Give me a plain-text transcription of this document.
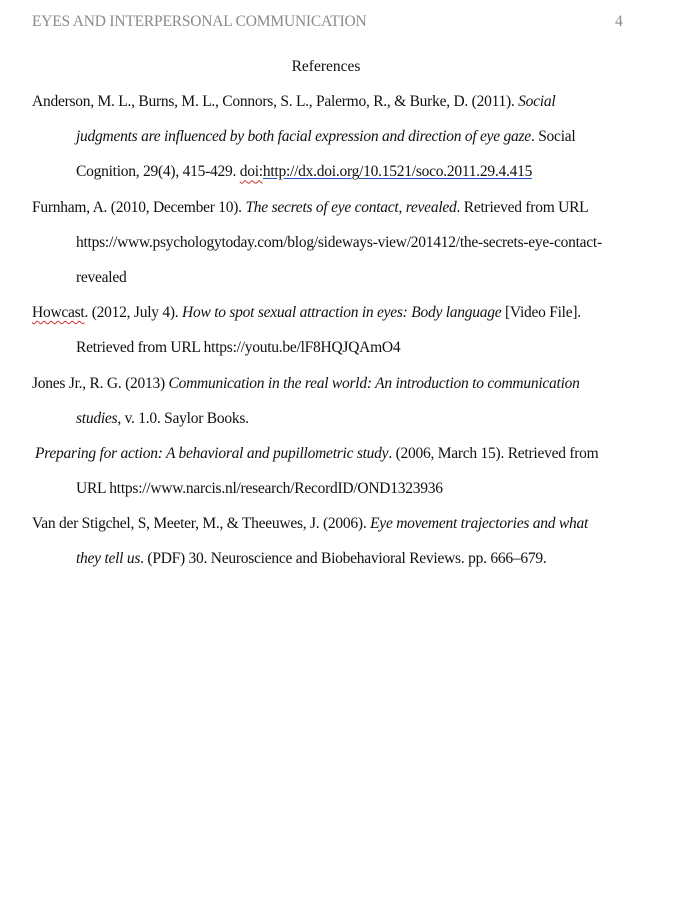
EYES AND INTERPERSONAL COMMUNICATION	4
References
Anderson, M. L., Burns, M. L., Connors, S. L., Palermo, R., & Burke, D. (2011). Social
judgments are influenced by both facial expression and direction of eye gaze. Social
Cognition, 29(4), 415-429. doi:http://dx.doi.org/10.1521/soco.2011.29.4.415
Furnham, A. (2010, December 10). The secrets of eye contact, revealed. Retrieved from URL
https://www.psychologytoday.com/blog/sideways-view/201412/the-secrets-eye-contact-
revealed
Howcast. (2012, July 4). How to spot sexual attraction in eyes: Body language [Video File].
Retrieved from URL https://youtu.be/lF8HQJQAmO4
Jones Jr., R. G. (2013) Communication in the real world: An introduction to communication
studies, v. 1.0. Saylor Books.
Preparing for action: A behavioral and pupillometric study. (2006, March 15). Retrieved from
URL https://www.narcis.nl/research/RecordID/OND1323936
Van der Stigchel, S, Meeter, M., & Theeuwes, J. (2006). Eye movement trajectories and what
they tell us. (PDF) 30. Neuroscience and Biobehavioral Reviews. pp. 666–679.
